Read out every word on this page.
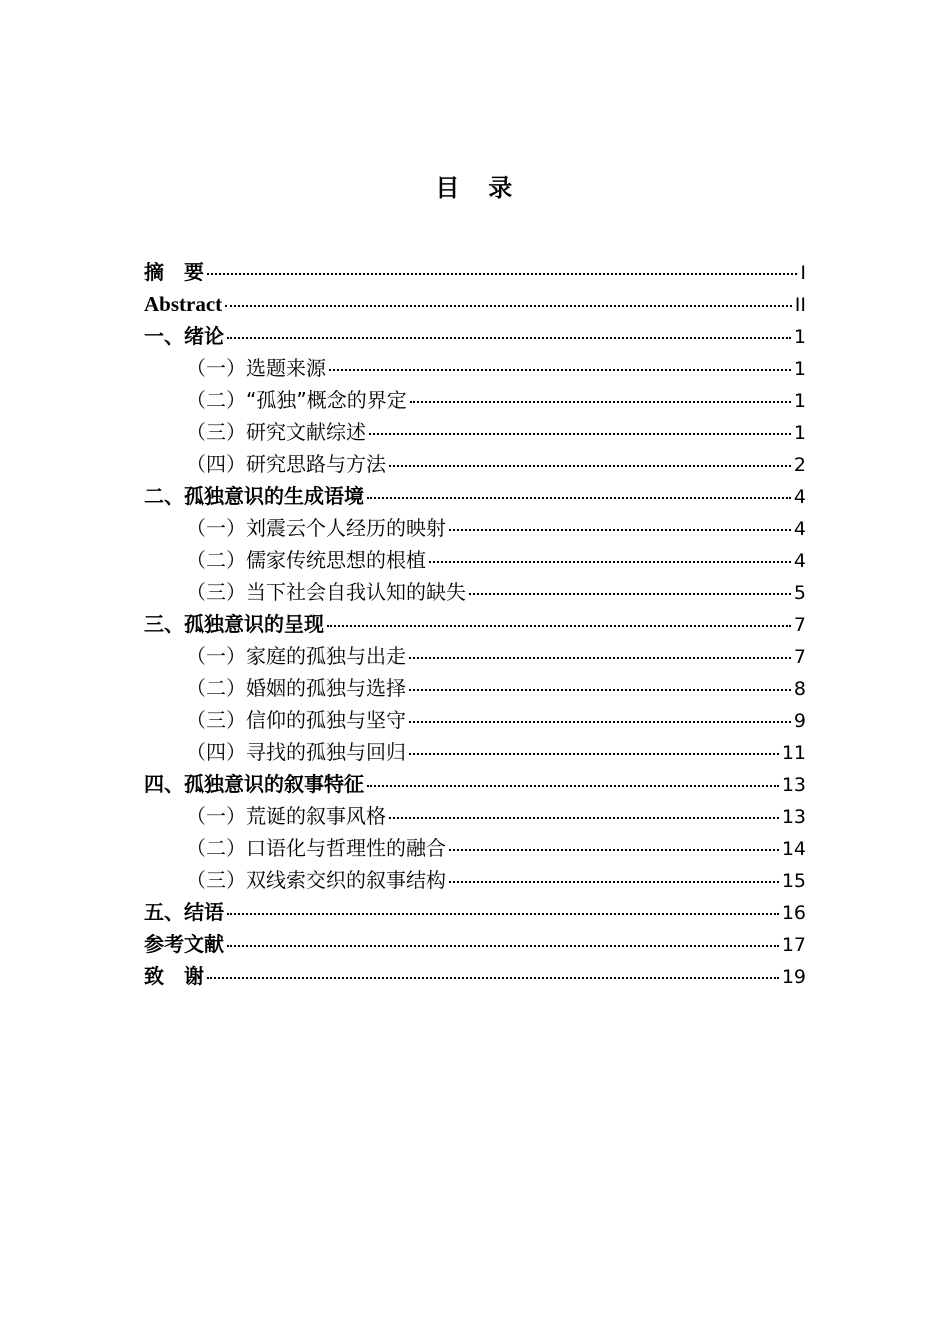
目　录
摘　要	I
Abstract	II
一、绪论	1
（一）选题来源	1
（二）“孤独”概念的界定	1
（三）研究文献综述	1
（四）研究思路与方法	2
二、孤独意识的生成语境	4
（一）刘震云个人经历的映射	4
（二）儒家传统思想的根植	4
（三）当下社会自我认知的缺失	5
三、孤独意识的呈现	7
（一）家庭的孤独与出走	7
（二）婚姻的孤独与选择	8
（三）信仰的孤独与坚守	9
（四）寻找的孤独与回归	11
四、孤独意识的叙事特征	13
（一）荒诞的叙事风格	13
（二）口语化与哲理性的融合	14
（三）双线索交织的叙事结构	15
五、结语	16
参考文献	17
致　谢	19
